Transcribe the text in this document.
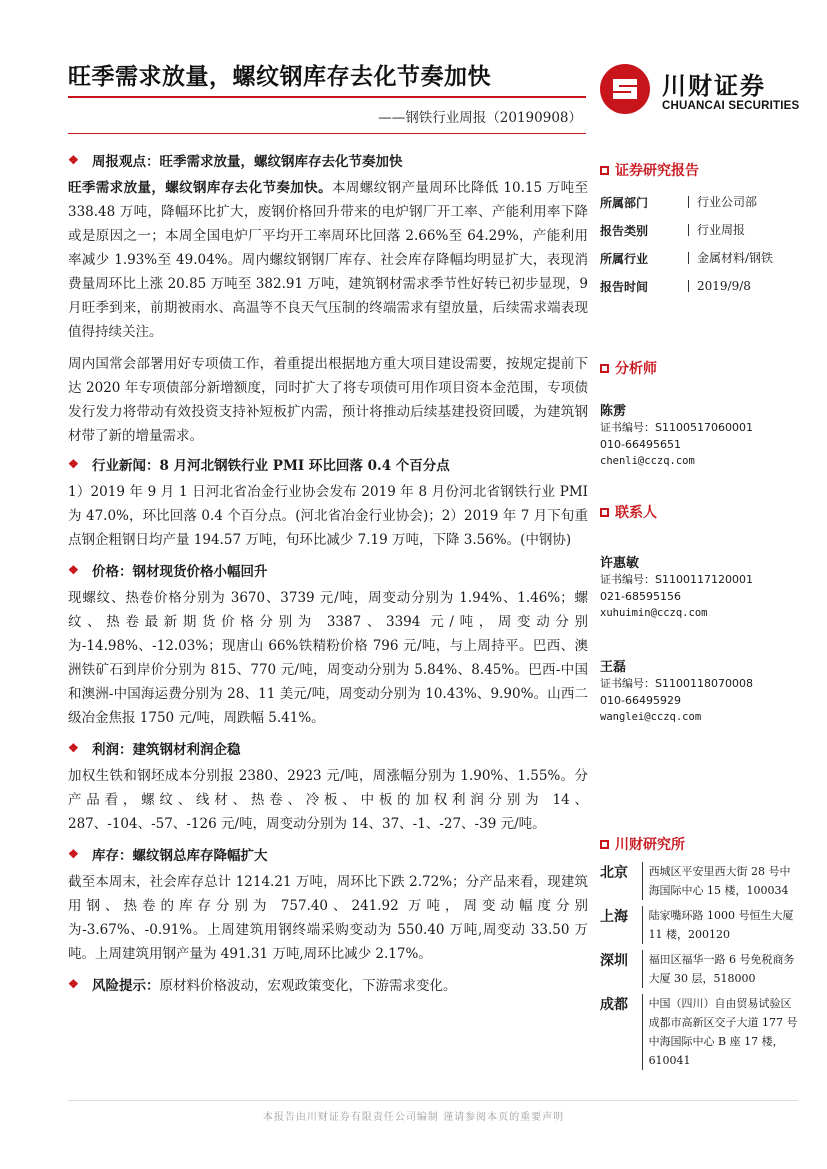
旺季需求放量，螺纹钢库存去化节奏加快
——钢铁行业周报（20190908）
川财证券
CHUANCAI SECURITIES
❖ 周报观点：旺季需求放量，螺纹钢库存去化节奏加快
旺季需求放量，螺纹钢库存去化节奏加快。本周螺纹钢产量周环比降低 10.15 万吨至 338.48 万吨，降幅环比扩大，废钢价格回升带来的电炉钢厂开工率、产能利用率下降或是原因之一；本周全国电炉厂平均开工率周环比回落 2.66%至 64.29%，产能利用率减少 1.93%至 49.04%。周内螺纹钢钢厂库存、社会库存降幅均明显扩大，表现消费量周环比上涨 20.85 万吨至 382.91 万吨，建筑钢材需求季节性好转已初步显现，9 月旺季到来，前期被雨水、高温等不良天气压制的终端需求有望放量，后续需求端表现值得持续关注。
周内国常会部署用好专项债工作，着重提出根据地方重大项目建设需要，按规定提前下达 2020 年专项债部分新增额度，同时扩大了将专项债可用作项目资本金范围，专项债发行发力将带动有效投资支持补短板扩内需，预计将推动后续基建投资回暖，为建筑钢材带了新的增量需求。
❖ 行业新闻：8 月河北钢铁行业 PMI 环比回落 0.4 个百分点
1）2019 年 9 月 1 日河北省冶金行业协会发布 2019 年 8 月份河北省钢铁行业 PMI 为 47.0%，环比回落 0.4 个百分点。(河北省冶金行业协会)；2）2019 年 7 月下旬重点钢企粗钢日均产量 194.57 万吨，旬环比减少 7.19 万吨，下降 3.56%。(中钢协)
❖ 价格：钢材现货价格小幅回升
现螺纹、热卷价格分别为 3670、3739 元/吨，周变动分别为 1.94%、1.46%；螺纹、热卷最新期货价格分别为 3387、3394 元/吨，周变动分别为-14.98%、-12.03%；现唐山 66%铁精粉价格 796 元/吨，与上周持平。巴西、澳洲铁矿石到岸价分别为 815、770 元/吨，周变动分别为 5.84%、8.45%。巴西-中国和澳洲-中国海运费分别为 28、11 美元/吨，周变动分别为 10.43%、9.90%。山西二级冶金焦报 1750 元/吨，周跌幅 5.41%。
❖ 利润：建筑钢材利润企稳
加权生铁和钢坯成本分别报 2380、2923 元/吨，周涨幅分别为 1.90%、1.55%。分产品看，螺纹、线材、热卷、冷板、中板的加权利润分别为 14、287、-104、-57、-126 元/吨，周变动分别为 14、37、-1、-27、-39 元/吨。
❖ 库存：螺纹钢总库存降幅扩大
截至本周末，社会库存总计 1214.21 万吨，周环比下跌 2.72%；分产品来看，现建筑用钢、热卷的库存分别为 757.40、241.92 万吨，周变动幅度分别为-3.67%、-0.91%。上周建筑用钢终端采购变动为 550.40 万吨,周变动 33.50 万吨。上周建筑用钢产量为 491.31 万吨,周环比减少 2.17%。
❖ 风险提示： 原材料价格波动，宏观政策变化，下游需求变化。
证券研究报告
所属部门	行业公司部
报告类别	行业周报
所属行业	金属材料/钢铁
报告时间	2019/9/8
分析师
陈雳
证书编号：S1100517060001
010-66495651
chenli@cczq.com
联系人
许惠敏
证书编号：S1100117120001
021-68595156
xuhuimin@cczq.com
王磊
证书编号：S1100118070008
010-66495929
wanglei@cczq.com
川财研究所
北京	西城区平安里西大街 28 号中海国际中心 15 楼，100034
上海	陆家嘴环路 1000 号恒生大厦 11 楼，200120
深圳	福田区福华一路 6 号免税商务大厦 30 层，518000
成都	中国（四川）自由贸易试验区成都市高新区交子大道 177 号中海国际中心 B 座 17 楼，610041
本报告由川财证券有限责任公司编制 谨请参阅本页的重要声明
